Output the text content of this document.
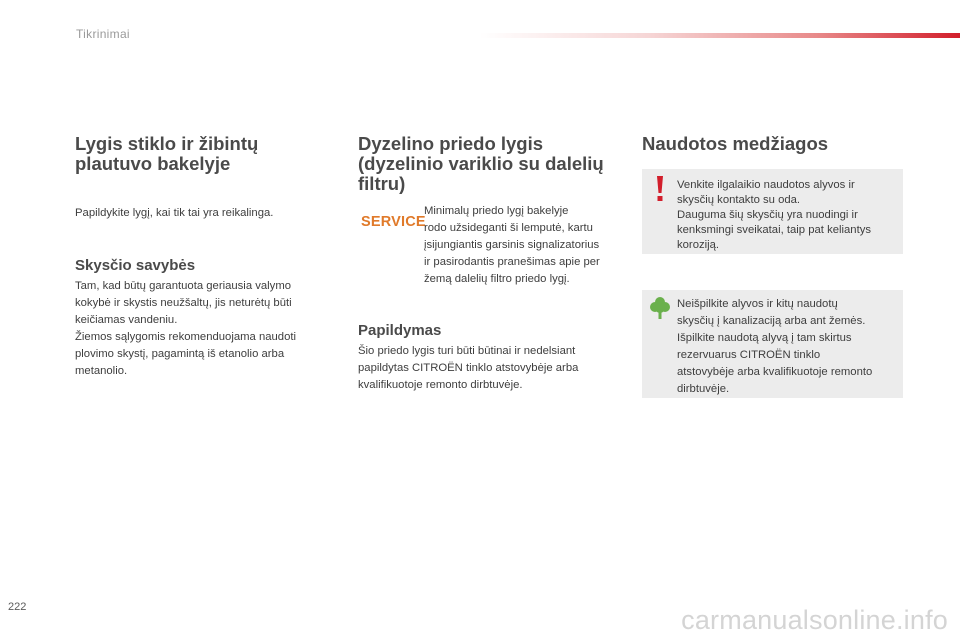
Tikrinimai
Lygis stiklo ir žibintų
plautuvo bakelyje
Papildykite lygį, kai tik tai yra reikalinga.
Skysčio savybės
Tam, kad būtų garantuota geriausia valymo
kokybė ir skystis neužšaltų, jis neturėtų būti
keičiamas vandeniu.
Žiemos sąlygomis rekomenduojama naudoti
plovimo skystį, pagamintą iš etanolio arba
metanolio.
Dyzelino priedo lygis
(dyzelinio variklio su dalelių
filtru)
SERVICE
Minimalų priedo lygį bakelyje
rodo užsideganti ši lemputė, kartu
įsijungiantis garsinis signalizatorius
ir pasirodantis pranešimas apie per
žemą dalelių filtro priedo lygį.
Papildymas
Šio priedo lygis turi būti būtinai ir nedelsiant
papildytas CITROËN tinklo atstovybėje arba
kvalifikuotoje remonto dirbtuvėje.
Naudotos medžiagos
Venkite ilgalaikio naudotos alyvos ir
skysčių kontakto su oda.
Dauguma šių skysčių yra nuodingi ir
kenksmingi sveikatai, taip pat keliantys
koroziją.
Neišpilkite alyvos ir kitų naudotų
skysčių į kanalizaciją arba ant žemės.
Išpilkite naudotą alyvą į tam skirtus
rezervuarus CITROËN tinklo
atstovybėje arba kvalifikuotoje remonto
dirbtuvėje.
222	carmanualsonline.info
